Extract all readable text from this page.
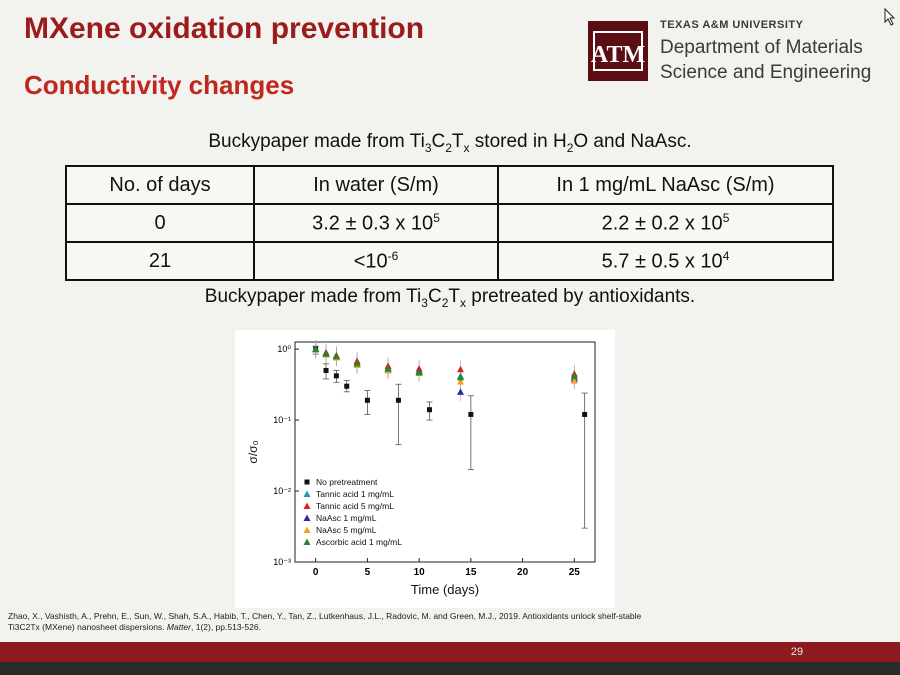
MXene oxidation prevention
Conductivity changes
ATM
TEXAS A&M UNIVERSITY
Department of Materials
Science and Engineering
Buckypaper made from $Ti_3C_2T_x$ stored in $H_2O$ and NaAsc.
No. of days	In water (S/m)	In 1 mg/mL NaAsc (S/m)
0	3.2 ± 0.3 x $10^5$	2.2 ± 0.2 x $10^5$
21	$<10^{-6}$	5.7 ± 0.5 x $10^4$
Buckypaper made from $Ti_3C_2T_x$ pretreated by antioxidants.
0	5	10	15	20	25
10⁰
10⁻¹
10⁻²
10⁻³
No pretreatment
Tannic acid 1 mg/mL
Tannic acid 5 mg/mL
NaAsc 1 mg/mL
NaAsc 5 mg/mL
Ascorbic acid 1 mg/mL
Time (days)
σ/σ₀
Zhao, X., Vashisth, A., Prehn, E., Sun, W., Shah, S.A., Habib, T., Chen, Y., Tan, Z., Lutkenhaus, J.L., Radovic, M. and Green, M.J., 2019. Antioxidants unlock shelf-stable
Ti3C2Tx (MXene) nanosheet dispersions. Matter, 1(2), pp.513-526.
29
